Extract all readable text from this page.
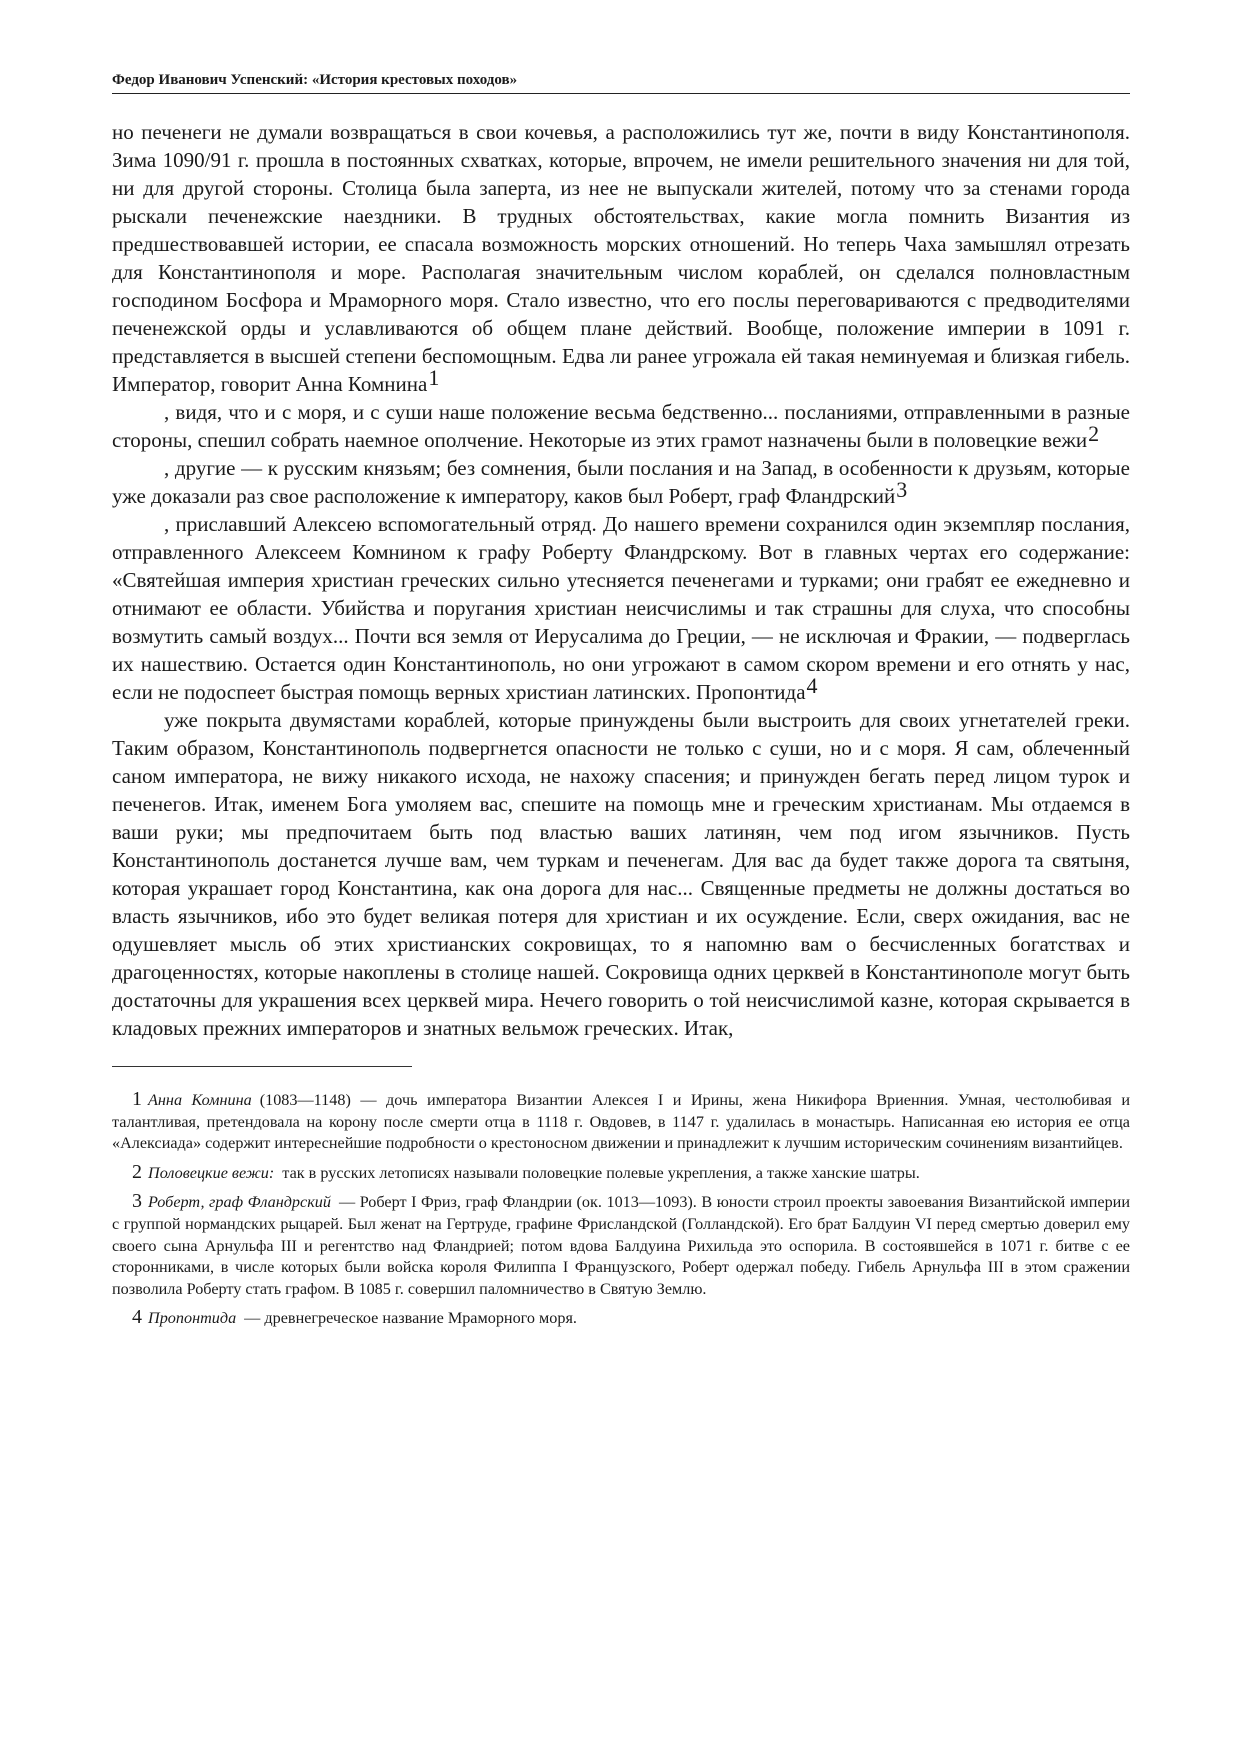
Федор Иванович Успенский: «История крестовых походов»

но печенеги не думали возвращаться в свои кочевья, а расположились тут же, почти в виду Константинополя. Зима 1090/91 г. прошла в постоянных схватках, которые, впрочем, не имели решительного значения ни для той, ни для другой стороны. Столица была заперта, из нее не выпускали жителей, потому что за стенами города рыскали печенежские наездники. В трудных обстоятельствах, какие могла помнить Византия из предшествовавшей истории, ее спасала возможность морских отношений. Но теперь Чаха замышлял отрезать для Константинополя и море. Располагая значительным числом кораблей, он сделался полновластным господином Босфора и Мраморного моря. Стало известно, что его послы переговариваются с предводителями печенежской орды и уславливаются об общем плане действий. Вообще, положение империи в 1091 г. представляется в высшей степени беспомощным. Едва ли ранее угрожала ей такая неминуемая и близкая гибель. Император, говорит Анна Комнина1

, видя, что и с моря, и с суши наше положение весьма бедственно... посланиями, отправленными в разные стороны, спешил собрать наемное ополчение. Некоторые из этих грамот назначены были в половецкие вежи2

, другие — к русским князьям; без сомнения, были послания и на Запад, в особенности к друзьям, которые уже доказали раз свое расположение к императору, каков был Роберт, граф Фландрский3

, приславший Алексею вспомогательный отряд. До нашего времени сохранился один экземпляр послания, отправленного Алексеем Комнином к графу Роберту Фландрскому. Вот в главных чертах его содержание: «Святейшая империя христиан греческих сильно утесняется печенегами и турками; они грабят ее ежедневно и отнимают ее области. Убийства и поругания христиан неисчислимы и так страшны для слуха, что способны возмутить самый воздух... Почти вся земля от Иерусалима до Греции, — не исключая и Фракии, — подверглась их нашествию. Остается один Константинополь, но они угрожают в самом скором времени и его отнять у нас, если не подоспеет быстрая помощь верных христиан латинских. Пропонтида4

уже покрыта двумястами кораблей, которые принуждены были выстроить для своих угнетателей греки. Таким образом, Константинополь подвергнется опасности не только с суши, но и с моря. Я сам, облеченный саном императора, не вижу никакого исхода, не нахожу спасения; и принужден бегать перед лицом турок и печенегов. Итак, именем Бога умоляем вас, спешите на помощь мне и греческим христианам. Мы отдаемся в ваши руки; мы предпочитаем быть под властью ваших латинян, чем под игом язычников. Пусть Константинополь достанется лучше вам, чем туркам и печенегам. Для вас да будет также дорога та святыня, которая украшает город Константина, как она дорога для нас... Священные предметы не должны достаться во власть язычников, ибо это будет великая потеря для христиан и их осуждение. Если, сверх ожидания, вас не одушевляет мысль об этих христианских сокровищах, то я напомню вам о бесчисленных богатствах и драгоценностях, которые накоплены в столице нашей. Сокровища одних церквей в Константинополе могут быть достаточны для украшения всех церквей мира. Нечего говорить о той неисчислимой казне, которая скрывается в кладовых прежних императоров и знатных вельмож греческих. Итак,

1 Анна Комнина (1083—1148) — дочь императора Византии Алексея I и Ирины, жена Никифора Вриенния. Умная, честолюбивая и талантливая, претендовала на корону после смерти отца в 1118 г. Овдовев, в 1147 г. удалилась в монастырь. Написанная ею история ее отца «Алексиада» содержит интереснейшие подробности о крестоносном движении и принадлежит к лучшим историческим сочинениям византийцев.

2 Половецкие вежи: так в русских летописях называли половецкие полевые укрепления, а также ханские шатры.

3 Роберт, граф Фландрский — Роберт I Фриз, граф Фландрии (ок. 1013—1093). В юности строил проекты завоевания Византийской империи с группой нормандских рыцарей. Был женат на Гертруде, графине Фрисландской (Голландской). Его брат Балдуин VI перед смертью доверил ему своего сына Арнульфа III и регентство над Фландрией; потом вдова Балдуина Рихильда это оспорила. В состоявшейся в 1071 г. битве с ее сторонниками, в числе которых были войска короля Филиппа I Французского, Роберт одержал победу. Гибель Арнульфа III в этом сражении позволила Роберту стать графом. В 1085 г. совершил паломничество в Святую Землю.

4 Пропонтида — древнегреческое название Мраморного моря.
